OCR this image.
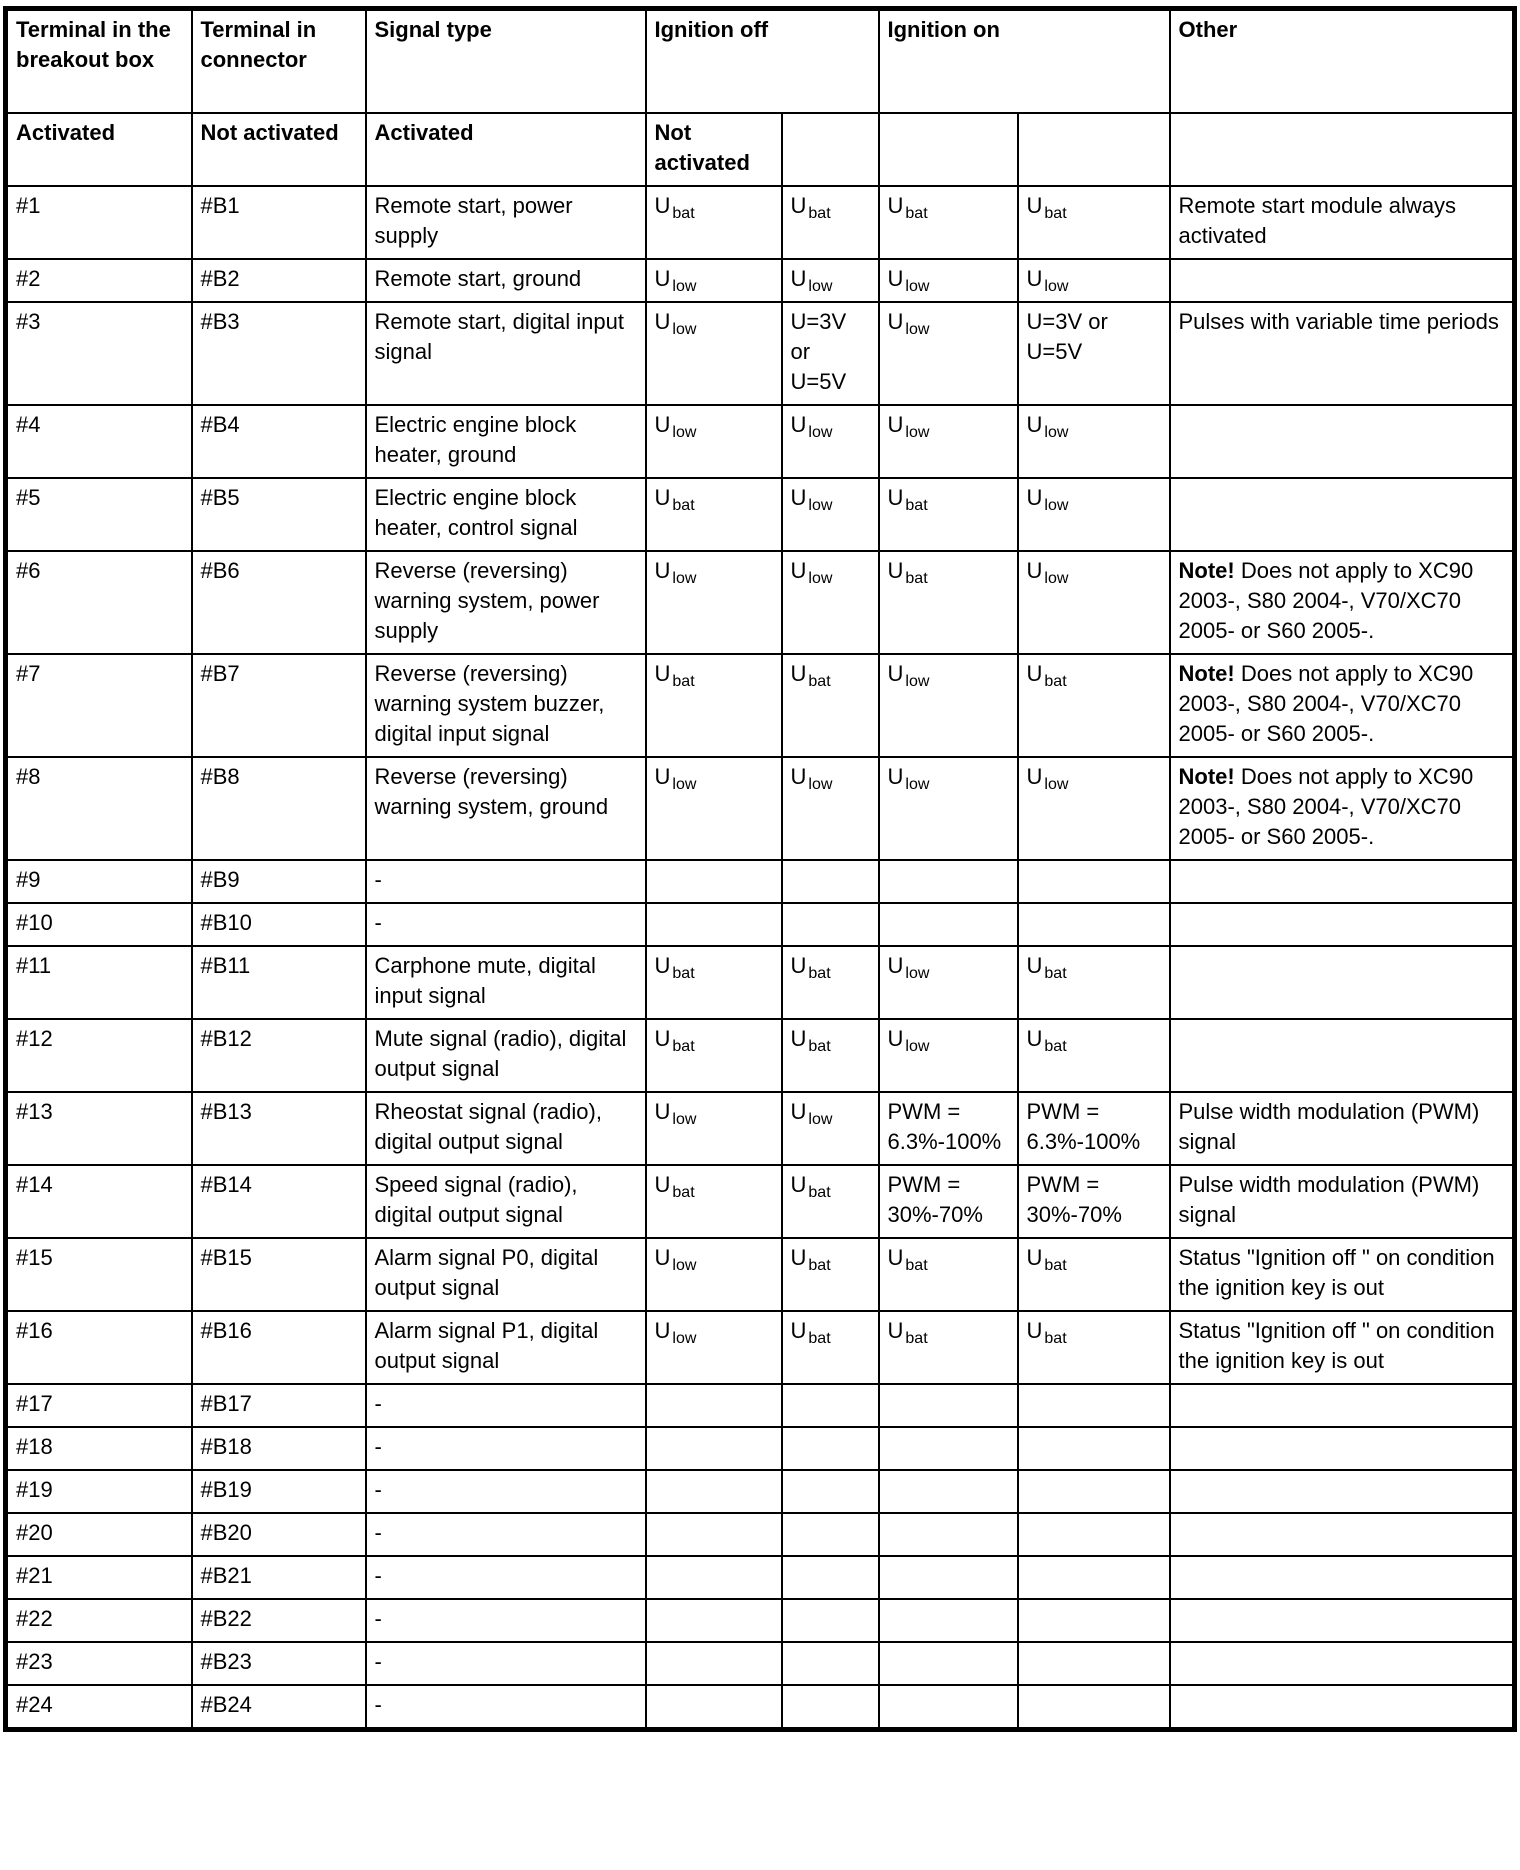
Terminal in the breakout box	Terminal in connector	Signal type	Ignition off		Ignition on		Other
Activated	Not activated	Activated	Not activated				
#1	#B1	Remote start, power supply	U $_{bat}$	U $_{bat}$	U $_{bat}$	U $_{bat}$	Remote start module always activated
#2	#B2	Remote start, ground	U $_{low}$	U $_{low}$	U $_{low}$	U $_{low}$	
#3	#B3	Remote start, digital input signal	U $_{low}$	U=3V or U=5V	U $_{low}$	U=3V or U=5V	Pulses with variable time periods
#4	#B4	Electric engine block heater, ground	U $_{low}$	U $_{low}$	U $_{low}$	U $_{low}$	
#5	#B5	Electric engine block heater, control signal	U $_{bat}$	U $_{low}$	U $_{bat}$	U $_{low}$	
#6	#B6	Reverse (reversing) warning system, power supply	U $_{low}$	U $_{low}$	U $_{bat}$	U $_{low}$	Note! Does not apply to XC90 2003-, S80 2004-, V70/XC70 2005- or S60 2005-.
#7	#B7	Reverse (reversing) warning system buzzer, digital input signal	U $_{bat}$	U $_{bat}$	U $_{low}$	U $_{bat}$	Note! Does not apply to XC90 2003-, S80 2004-, V70/XC70 2005- or S60 2005-.
#8	#B8	Reverse (reversing) warning system, ground	U $_{low}$	U $_{low}$	U $_{low}$	U $_{low}$	Note! Does not apply to XC90 2003-, S80 2004-, V70/XC70 2005- or S60 2005-.
#9	#B9	-					
#10	#B10	-					
#11	#B11	Carphone mute, digital input signal	U $_{bat}$	U $_{bat}$	U $_{low}$	U $_{bat}$	
#12	#B12	Mute signal (radio), digital output signal	U $_{bat}$	U $_{bat}$	U $_{low}$	U $_{bat}$	
#13	#B13	Rheostat signal (radio), digital output signal	U $_{low}$	U $_{low}$	PWM = 6.3%-100%	PWM = 6.3%-100%	Pulse width modulation (PWM) signal
#14	#B14	Speed signal (radio), digital output signal	U $_{bat}$	U $_{bat}$	PWM = 30%-70%	PWM = 30%-70%	Pulse width modulation (PWM) signal
#15	#B15	Alarm signal P0, digital output signal	U $_{low}$	U $_{bat}$	U $_{bat}$	U $_{bat}$	Status "Ignition off " on condition the ignition key is out
#16	#B16	Alarm signal P1, digital output signal	U $_{low}$	U $_{bat}$	U $_{bat}$	U $_{bat}$	Status "Ignition off " on condition the ignition key is out
#17	#B17	-					
#18	#B18	-					
#19	#B19	-					
#20	#B20	-					
#21	#B21	-					
#22	#B22	-					
#23	#B23	-					
#24	#B24	-					
